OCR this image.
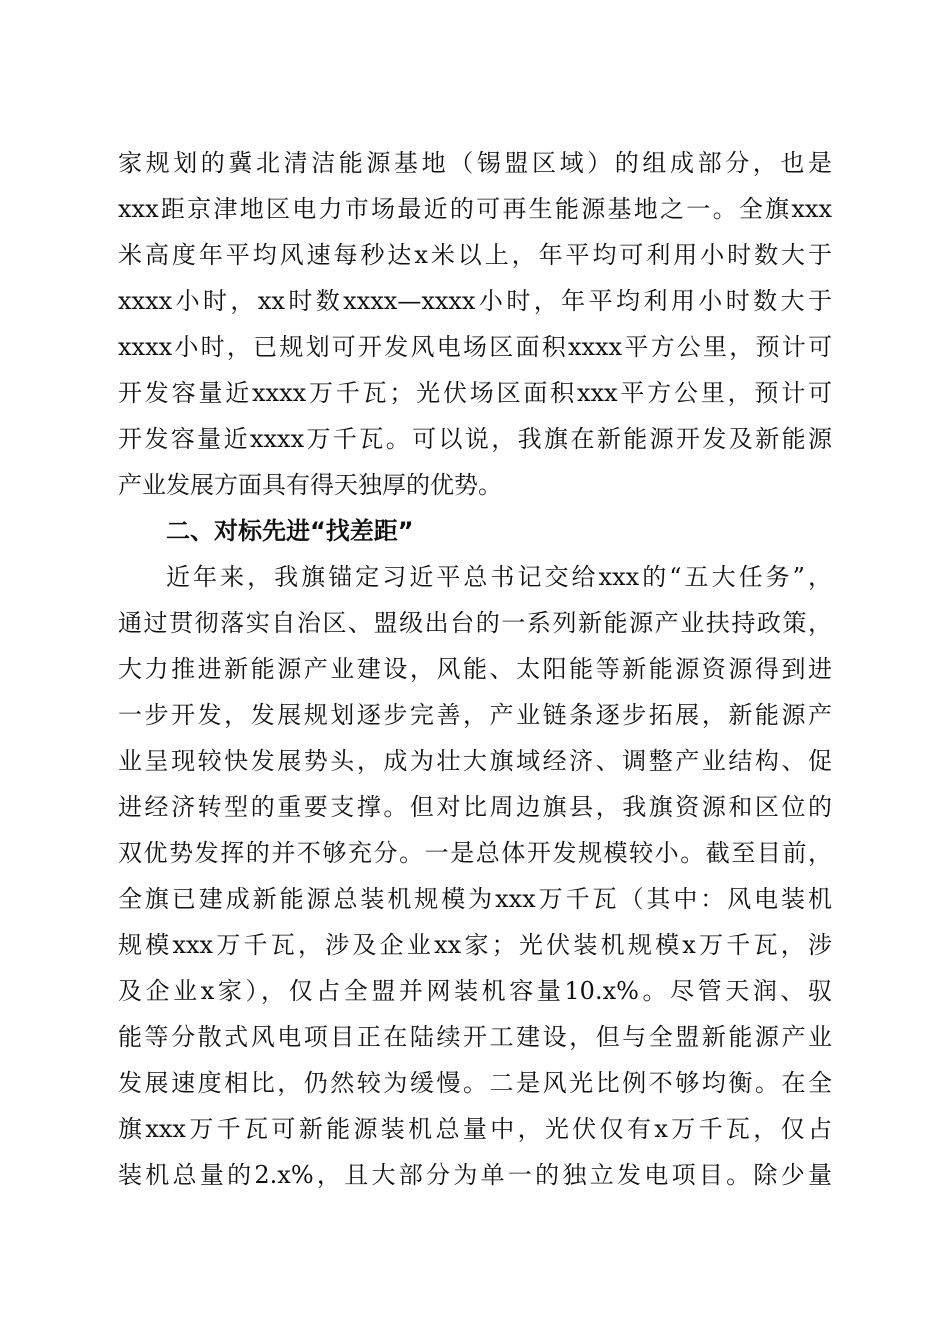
家规划的冀北清洁能源基地（锡盟区域）的组成部分，也是
xxx距京津地区电力市场最近的可再生能源基地之一。全旗xxx
米高度年平均风速每秒达x米以上，年平均可利用小时数大于
xxxx小时，xx时数xxxx—xxxx小时，年平均利用小时数大于
xxxx小时，已规划可开发风电场区面积xxxx平方公里，预计可
开发容量近xxxx万千瓦；光伏场区面积xxx平方公里，预计可
开发容量近xxxx万千瓦。可以说，我旗在新能源开发及新能源
产业发展方面具有得天独厚的优势。
二、对标先进“找差距”
近年来，我旗锚定习近平总书记交给xxx的“五大任务”，
通过贯彻落实自治区、盟级出台的一系列新能源产业扶持政策，
大力推进新能源产业建设，风能、太阳能等新能源资源得到进
一步开发，发展规划逐步完善，产业链条逐步拓展，新能源产
业呈现较快发展势头，成为壮大旗域经济、调整产业结构、促
进经济转型的重要支撑。但对比周边旗县，我旗资源和区位的
双优势发挥的并不够充分。一是总体开发规模较小。截至目前，
全旗已建成新能源总装机规模为xxx万千瓦（其中：风电装机
规模xxx万千瓦，涉及企业xx家；光伏装机规模x万千瓦，涉
及企业x家），仅占全盟并网装机容量10.x%。尽管天润、驭
能等分散式风电项目正在陆续开工建设，但与全盟新能源产业
发展速度相比，仍然较为缓慢。二是风光比例不够均衡。在全
旗xxx万千瓦可新能源装机总量中，光伏仅有x万千瓦，仅占
装机总量的2.x%，且大部分为单一的独立发电项目。除少量
